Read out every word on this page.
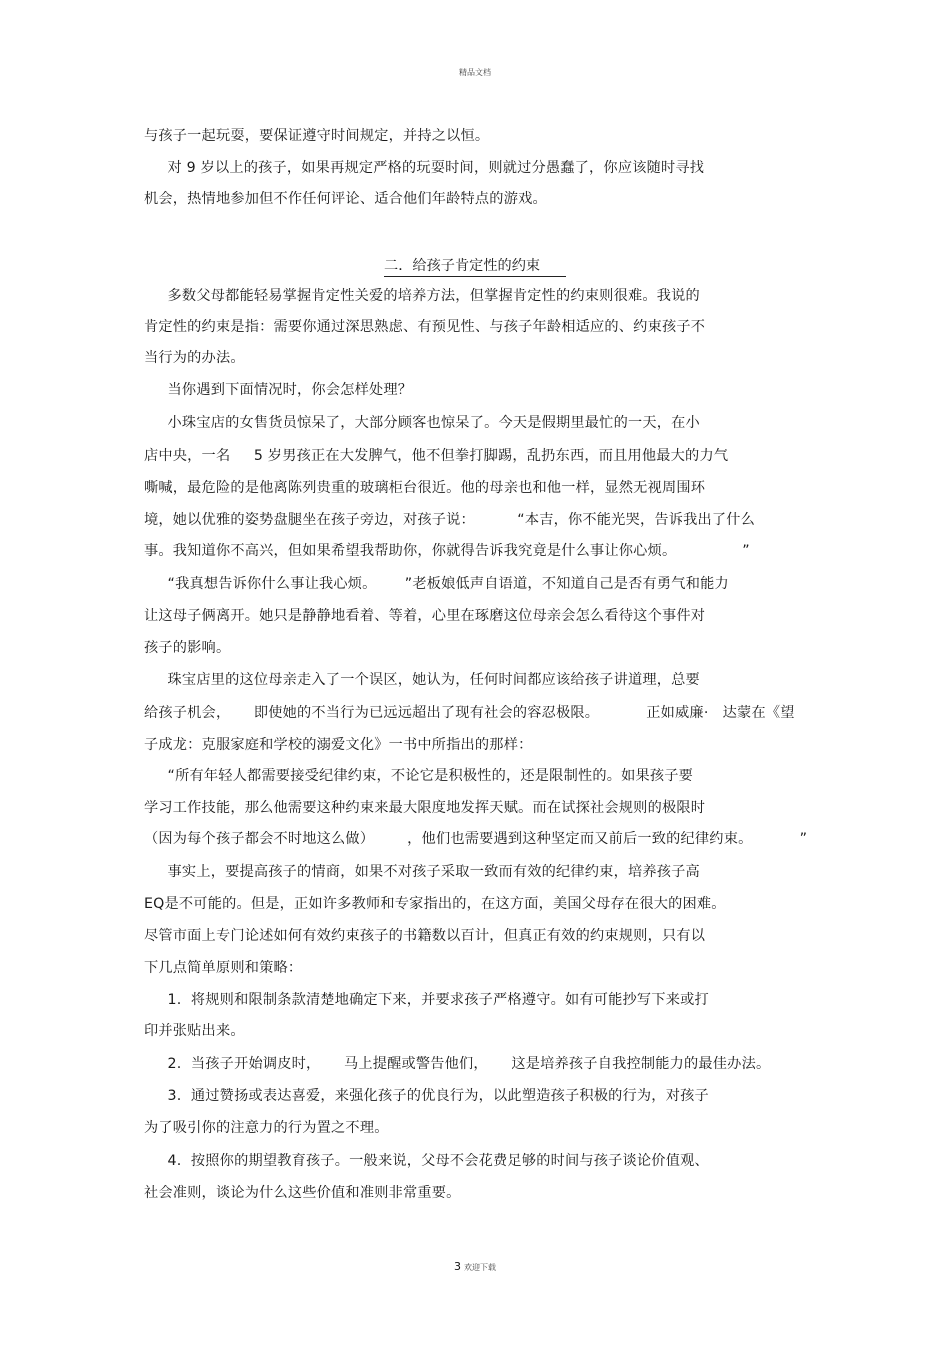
精品文档
与孩子一起玩耍，要保证遵守时间规定，并持之以恒。
对 9 岁以上的孩子，如果再规定严格的玩耍时间，则就过分愚蠢了，你应该随时寻找
机会，热情地参加但不作任何评论、适合他们年龄特点的游戏。
二．给孩子肯定性的约束
多数父母都能轻易掌握肯定性关爱的培养方法，但掌握肯定性的约束则很难。我说的
肯定性的约束是指：需要你通过深思熟虑、有预见性、与孩子年龄相适应的、约束孩子不
当行为的办法。
当你遇到下面情况时，你会怎样处理？
小珠宝店的女售货员惊呆了，大部分顾客也惊呆了。今天是假期里最忙的一天，在小
店中央，一名     5 岁男孩正在大发脾气，他不但拳打脚踢，乱扔东西，而且用他最大的力气
嘶喊，最危险的是他离陈列贵重的玻璃柜台很近。他的母亲也和他一样，显然无视周围环
境，她以优雅的姿势盘腿坐在孩子旁边，对孩子说：         “本吉，你不能光哭，告诉我出了什么
事。我知道你不高兴，但如果希望我帮助你，你就得告诉我究竟是什么事让你心烦。              ”
“我真想告诉你什么事让我心烦。      ”老板娘低声自语道，不知道自己是否有勇气和能力
让这母子俩离开。她只是静静地看着、等着，心里在琢磨这位母亲会怎么看待这个事件对
孩子的影响。
珠宝店里的这位母亲走入了一个误区，她认为，任何时间都应该给孩子讲道理，总要
给孩子机会，     即使她的不当行为已远远超出了现有社会的容忍极限。          正如威廉·   达蒙在《望
子成龙：克服家庭和学校的溺爱文化》一书中所指出的那样：
“所有年轻人都需要接受纪律约束，不论它是积极性的，还是限制性的。如果孩子要
学习工作技能，那么他需要这种约束来最大限度地发挥天赋。而在试探社会规则的极限时
（因为每个孩子都会不时地这么做）       ，他们也需要遇到这种坚定而又前后一致的纪律约束。          ”
事实上，要提高孩子的情商，如果不对孩子采取一致而有效的纪律约束，培养孩子高
EQ是不可能的。但是，正如许多教师和专家指出的，在这方面，美国父母存在很大的困难。
尽管市面上专门论述如何有效约束孩子的书籍数以百计，但真正有效的约束规则，只有以
下几点简单原则和策略：
1.  将规则和限制条款清楚地确定下来，并要求孩子严格遵守。如有可能抄写下来或打
印并张贴出来。
2.  当孩子开始调皮时，     马上提醒或警告他们，     这是培养孩子自我控制能力的最佳办法。
3.  通过赞扬或表达喜爱，来强化孩子的优良行为，以此塑造孩子积极的行为，对孩子
为了吸引你的注意力的行为置之不理。
4.  按照你的期望教育孩子。一般来说，父母不会花费足够的时间与孩子谈论价值观、
社会准则，谈论为什么这些价值和准则非常重要。
3 欢迎下载
